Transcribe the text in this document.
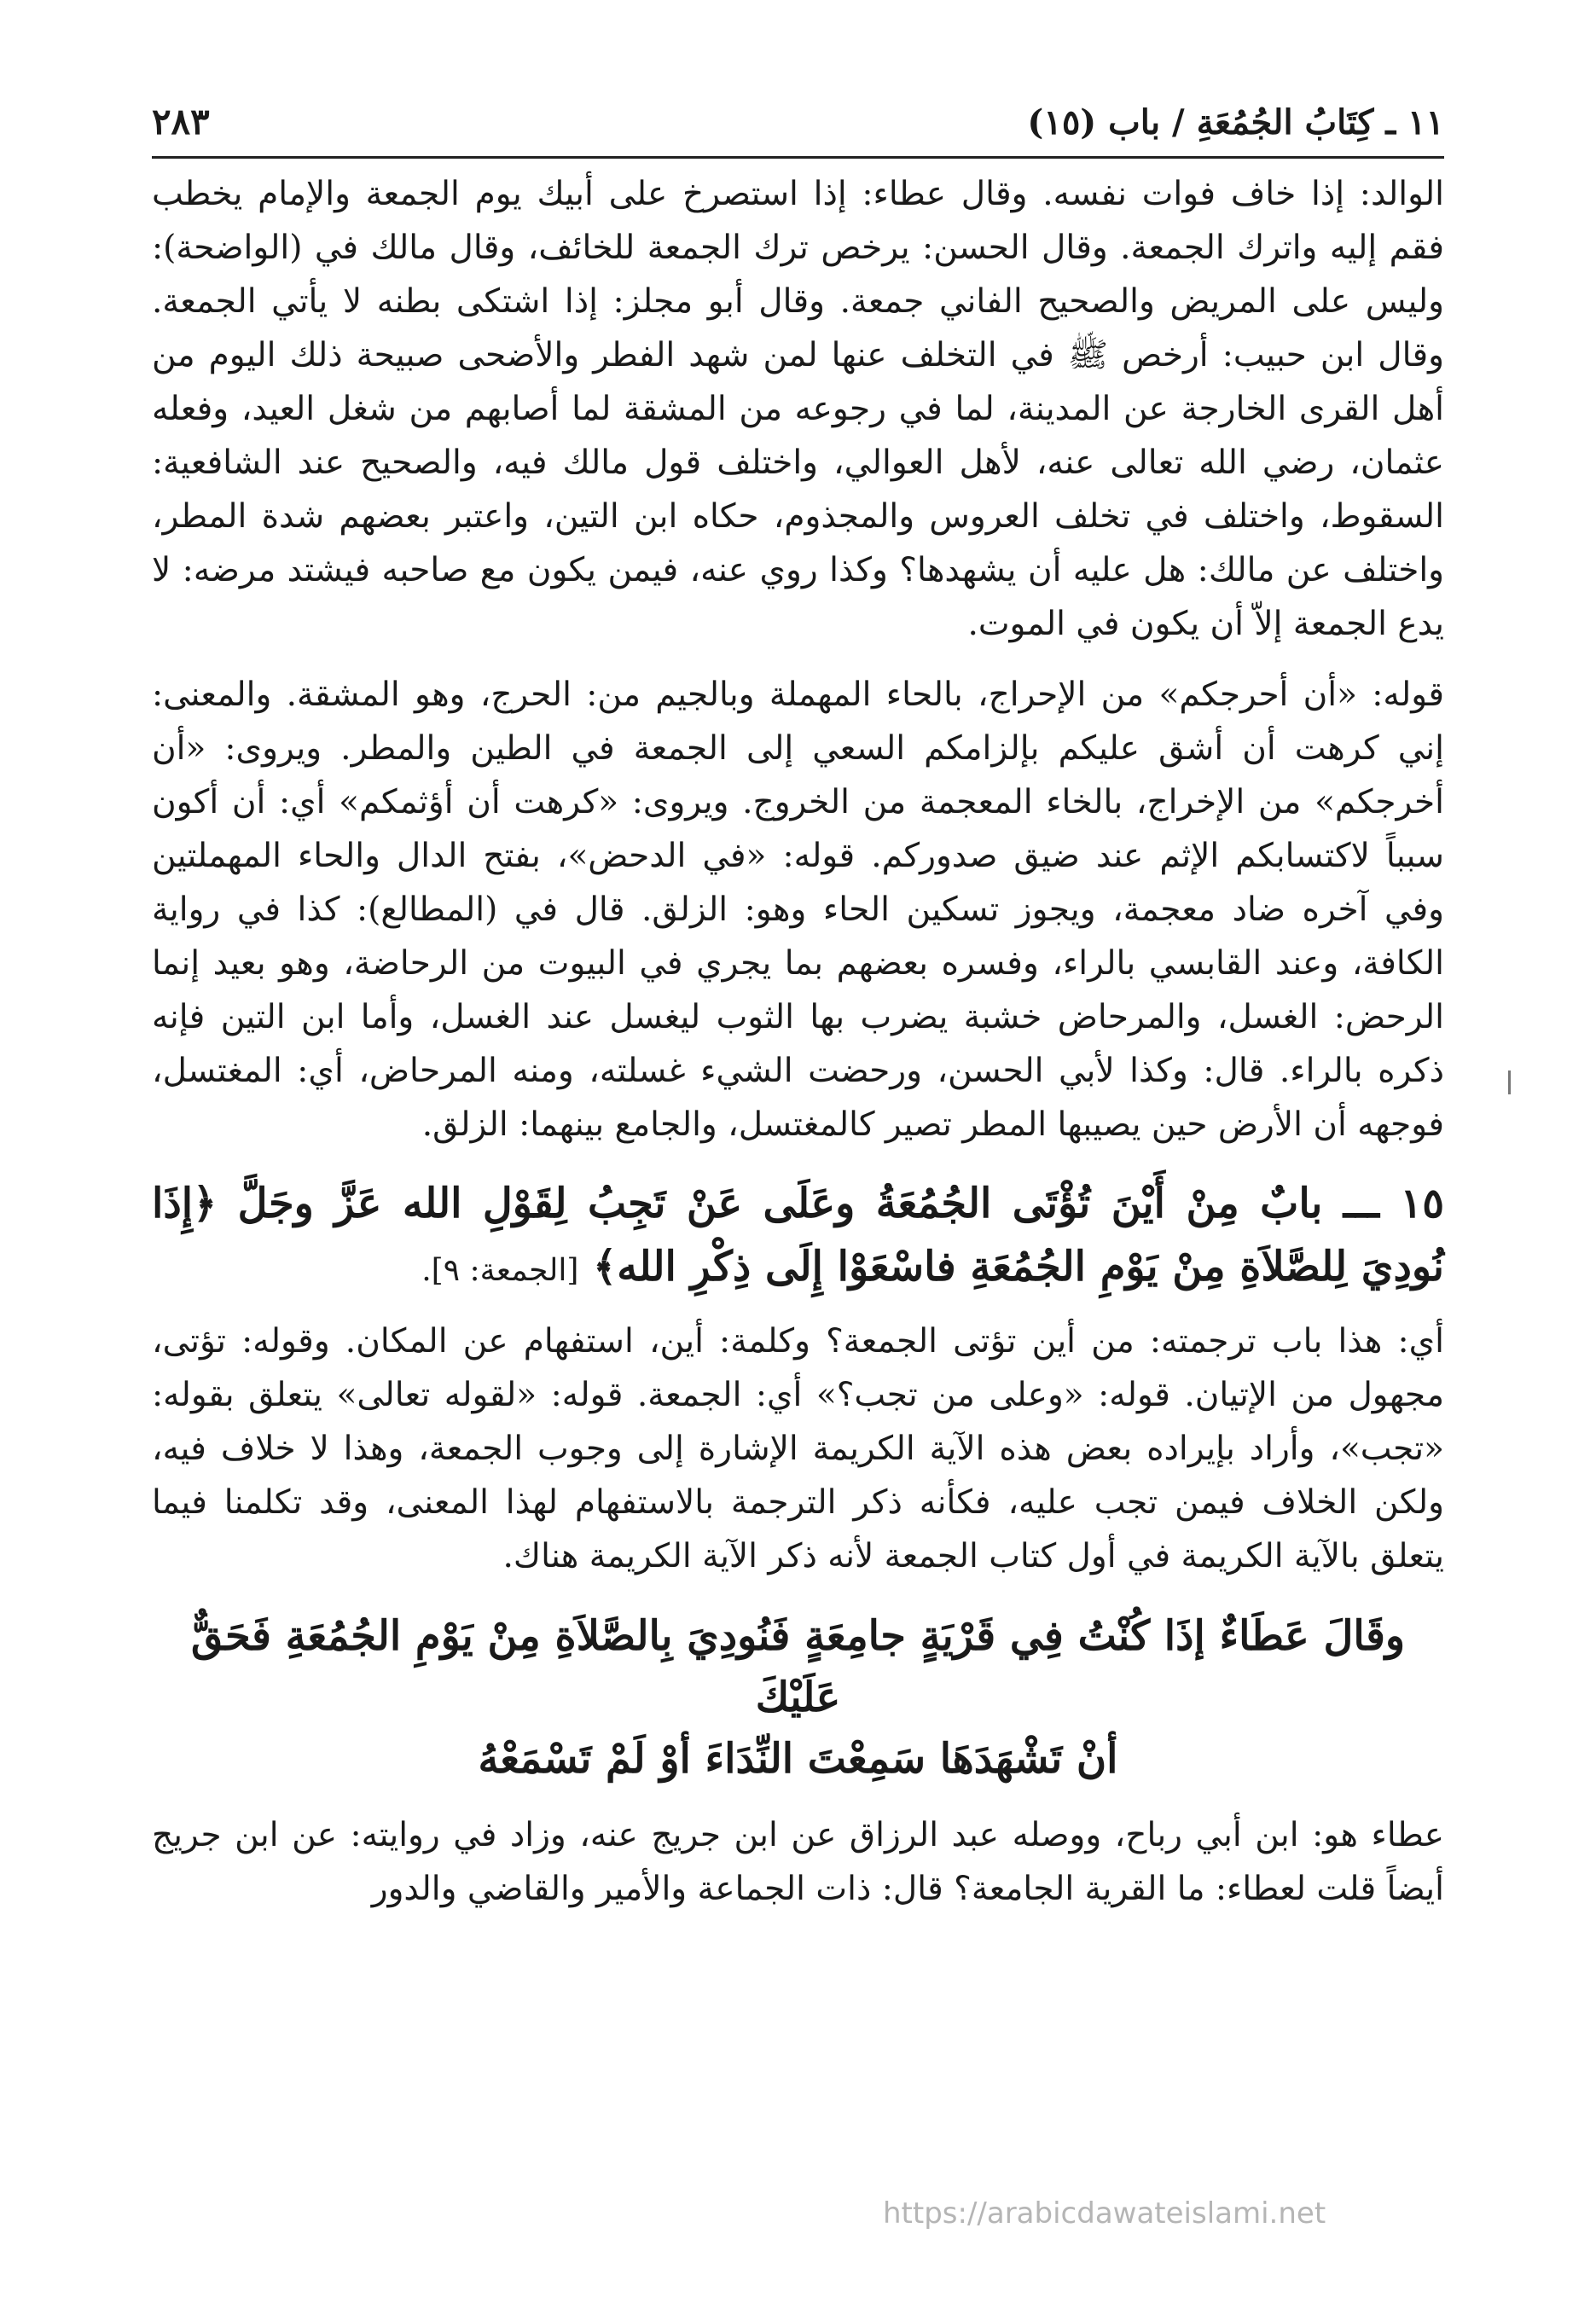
١١ ـ كِتَابُ الجُمُعَةِ / باب (١٥)
٢٨٣

الوالد: إذا خاف فوات نفسه. وقال عطاء: إذا استصرخ على أبيك يوم الجمعة والإمام يخطب فقم إليه واترك الجمعة. وقال الحسن: يرخص ترك الجمعة للخائف، وقال مالك في (الواضحة): وليس على المريض والصحيح الفاني جمعة. وقال أبو مجلز: إذا اشتكى بطنه لا يأتي الجمعة. وقال ابن حبيب: أرخص ﷺ في التخلف عنها لمن شهد الفطر والأضحى صبيحة ذلك اليوم من أهل القرى الخارجة عن المدينة، لما في رجوعه من المشقة لما أصابهم من شغل العيد، وفعله عثمان، رضي الله تعالى عنه، لأهل العوالي، واختلف قول مالك فيه، والصحيح عند الشافعية: السقوط، واختلف في تخلف العروس والمجذوم، حكاه ابن التين، واعتبر بعضهم شدة المطر، واختلف عن مالك: هل عليه أن يشهدها؟ وكذا روي عنه، فيمن يكون مع صاحبه فيشتد مرضه: لا يدع الجمعة إلاّ أن يكون في الموت.

قوله: «أن أحرجكم» من الإحراج، بالحاء المهملة وبالجيم من: الحرج، وهو المشقة. والمعنى: إني كرهت أن أشق عليكم بإلزامكم السعي إلى الجمعة في الطين والمطر. ويروى: «أن أخرجكم» من الإخراج، بالخاء المعجمة من الخروج. ويروى: «كرهت أن أؤثمكم» أي: أن أكون سبباً لاكتسابكم الإثم عند ضيق صدوركم. قوله: «في الدحض»، بفتح الدال والحاء المهملتين وفي آخره ضاد معجمة، ويجوز تسكين الحاء وهو: الزلق. قال في (المطالع): كذا في رواية الكافة، وعند القابسي بالراء، وفسره بعضهم بما يجري في البيوت من الرحاضة، وهو بعيد إنما الرحض: الغسل، والمرحاض خشبة يضرب بها الثوب ليغسل عند الغسل، وأما ابن التين فإنه ذكره بالراء. قال: وكذا لأبي الحسن، ورحضت الشيء غسلته، ومنه المرحاض، أي: المغتسل، فوجهه أن الأرض حين يصيبها المطر تصير كالمغتسل، والجامع بينهما: الزلق.

١٥ ـــ بابٌ مِنْ أَيْنَ تُؤْتَى الجُمُعَةُ وعَلَى عَنْ تَجِبُ لِقَوْلِ الله عَزَّ وجَلَّ ﴿إِذَا نُودِيَ لِلصَّلاَةِ مِنْ يَوْمِ الجُمُعَةِ فاسْعَوْا إِلَى ذِكْرِ الله﴾ [الجمعة: ٩].

أي: هذا باب ترجمته: من أين تؤتى الجمعة؟ وكلمة: أين، استفهام عن المكان. وقوله: تؤتى، مجهول من الإتيان. قوله: «وعلى من تجب؟» أي: الجمعة. قوله: «لقوله تعالى» يتعلق بقوله: «تجب»، وأراد بإيراده بعض هذه الآية الكريمة الإشارة إلى وجوب الجمعة، وهذا لا خلاف فيه، ولكن الخلاف فيمن تجب عليه، فكأنه ذكر الترجمة بالاستفهام لهذا المعنى، وقد تكلمنا فيما يتعلق بالآية الكريمة في أول كتاب الجمعة لأنه ذكر الآية الكريمة هناك.

وقَالَ عَطَاءٌ إذَا كُنْتُ فِي قَرْيَةٍ جامِعَةٍ فَنُودِيَ بِالصَّلاَةِ مِنْ يَوْمِ الجُمُعَةِ فَحَقٌّ عَلَيْكَ
أنْ تَشْهَدَهَا سَمِعْتَ النِّدَاءَ أوْ لَمْ تَسْمَعْهُ

عطاء هو: ابن أبي رباح، ووصله عبد الرزاق عن ابن جريج عنه، وزاد في روايته: عن ابن جريج أيضاً قلت لعطاء: ما القرية الجامعة؟ قال: ذات الجماعة والأمير والقاضي والدور

https://arabicdawateislami.net
